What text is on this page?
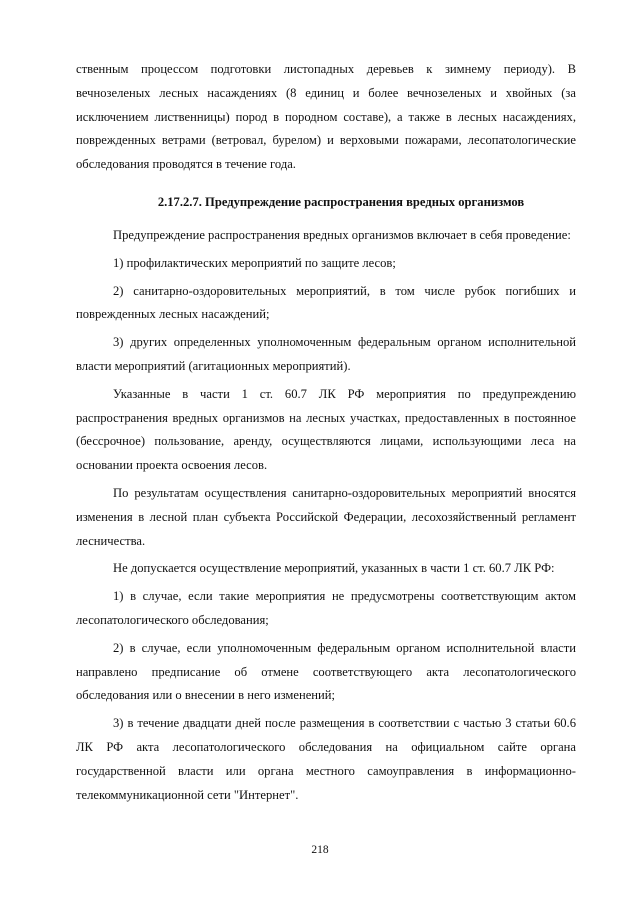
ственным процессом подготовки листопадных деревьев к зимнему периоду). В вечнозеленых лесных насаждениях (8 единиц и более вечнозеленых и хвойных (за исключением лиственницы) пород в породном составе), а также в лесных насаждениях, поврежденных ветрами (ветровал, бурелом) и верховыми пожарами, лесопатологические обследования проводятся в течение года.

2.17.2.7. Предупреждение распространения вредных организмов

Предупреждение распространения вредных организмов включает в себя проведение:

1) профилактических мероприятий по защите лесов;

2) санитарно-оздоровительных мероприятий, в том числе рубок погибших и поврежденных лесных насаждений;

3) других определенных уполномоченным федеральным органом исполнительной власти мероприятий (агитационных мероприятий).

Указанные в части 1 ст. 60.7 ЛК РФ мероприятия по предупреждению распространения вредных организмов на лесных участках, предоставленных в постоянное (бессрочное) пользование, аренду, осуществляются лицами, использующими леса на основании проекта освоения лесов.

По результатам осуществления санитарно-оздоровительных мероприятий вносятся изменения в лесной план субъекта Российской Федерации, лесохозяйственный регламент лесничества.

Не допускается осуществление мероприятий, указанных в части 1 ст. 60.7 ЛК РФ:

1) в случае, если такие мероприятия не предусмотрены соответствующим актом лесопатологического обследования;

2) в случае, если уполномоченным федеральным органом исполнительной власти направлено предписание об отмене соответствующего акта лесопатологического обследования или о внесении в него изменений;

3) в течение двадцати дней после размещения в соответствии с частью 3 статьи 60.6 ЛК РФ акта лесопатологического обследования на официальном сайте органа государственной власти или органа местного самоуправления в информационно-телекоммуникационной сети "Интернет".

218
